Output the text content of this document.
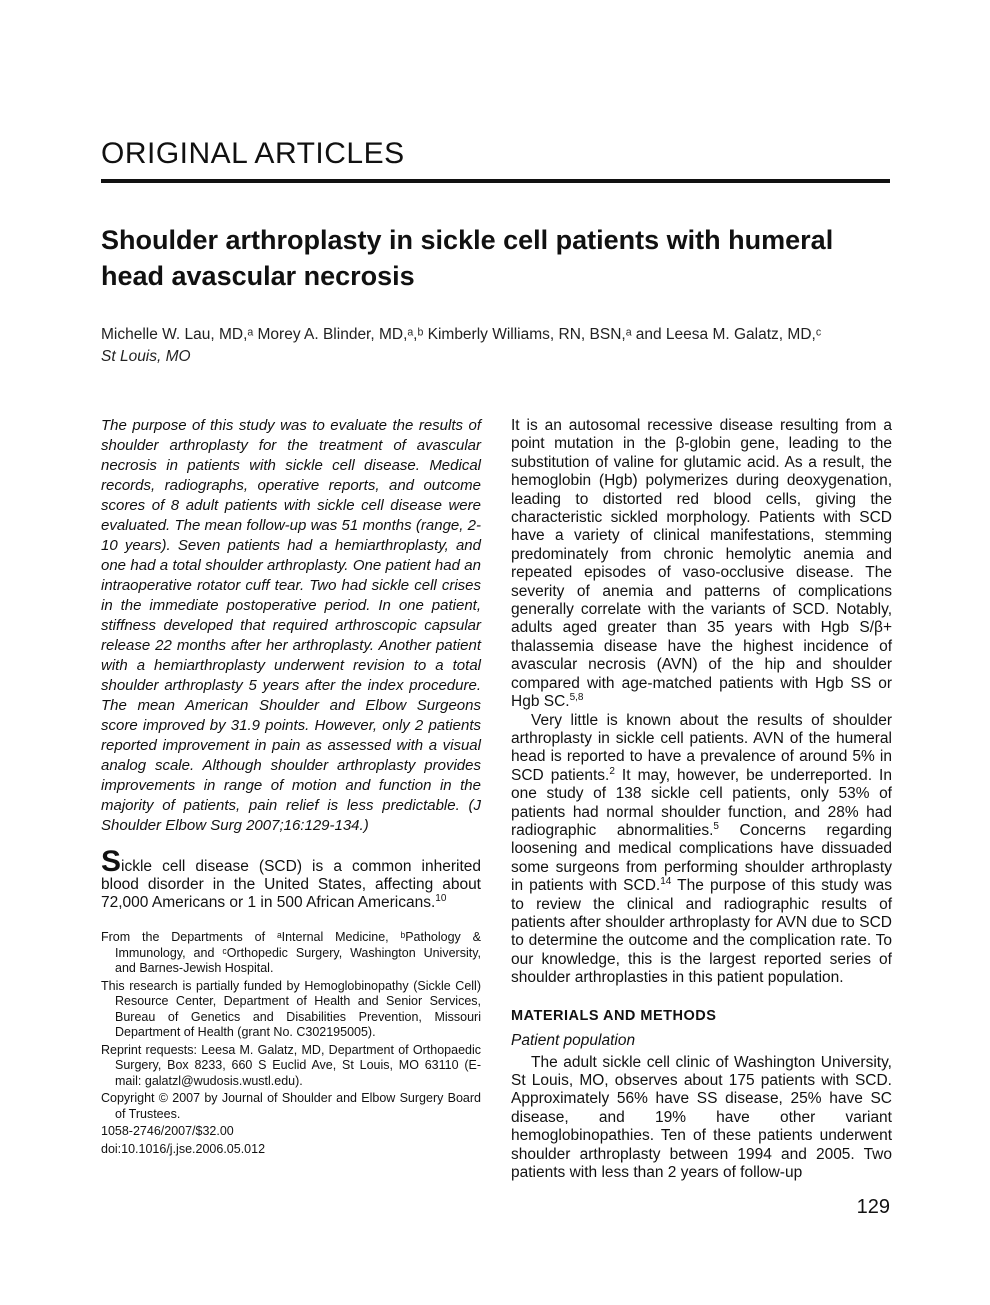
ORIGINAL ARTICLES
Shoulder arthroplasty in sickle cell patients with humeral head avascular necrosis

Michelle W. Lau, MD,ᵃ Morey A. Blinder, MD,ᵃ,ᵇ Kimberly Williams, RN, BSN,ᵃ and Leesa M. Galatz, MD,ᶜ
St Louis, MO

The purpose of this study was to evaluate the results of shoulder arthroplasty for the treatment of avascular necrosis in patients with sickle cell disease. Medical records, radiographs, operative reports, and outcome scores of 8 adult patients with sickle cell disease were evaluated. The mean follow-up was 51 months (range, 2-10 years). Seven patients had a hemiarthroplasty, and one had a total shoulder arthroplasty. One patient had an intraoperative rotator cuff tear. Two had sickle cell crises in the immediate postoperative period. In one patient, stiffness developed that required arthroscopic capsular release 22 months after her arthroplasty. Another patient with a hemiarthroplasty underwent revision to a total shoulder arthroplasty 5 years after the index procedure. The mean American Shoulder and Elbow Surgeons score improved by 31.9 points. However, only 2 patients reported improvement in pain as assessed with a visual analog scale. Although shoulder arthroplasty provides improvements in range of motion and function in the majority of patients, pain relief is less predictable. (J Shoulder Elbow Surg 2007;16:129-134.)

Sickle cell disease (SCD) is a common inherited blood disorder in the United States, affecting about 72,000 Americans or 1 in 500 African Americans.$^{10}$

From the Departments of ᵃInternal Medicine, ᵇPathology & Immunology, and ᶜOrthopedic Surgery, Washington University, and Barnes-Jewish Hospital.

This research is partially funded by Hemoglobinopathy (Sickle Cell) Resource Center, Department of Health and Senior Services, Bureau of Genetics and Disabilities Prevention, Missouri Department of Health (grant No. C302195005).

Reprint requests: Leesa M. Galatz, MD, Department of Orthopaedic Surgery, Box 8233, 660 S Euclid Ave, St Louis, MO 63110 (E-mail: galatzl@wudosis.wustl.edu).

Copyright © 2007 by Journal of Shoulder and Elbow Surgery Board of Trustees.

1058-2746/2007/$32.00

doi:10.1016/j.jse.2006.05.012

It is an autosomal recessive disease resulting from a point mutation in the β-globin gene, leading to the substitution of valine for glutamic acid. As a result, the hemoglobin (Hgb) polymerizes during deoxygenation, leading to distorted red blood cells, giving the characteristic sickled morphology. Patients with SCD have a variety of clinical manifestations, stemming predominately from chronic hemolytic anemia and repeated episodes of vaso-occlusive disease. The severity of anemia and patterns of complications generally correlate with the variants of SCD. Notably, adults aged greater than 35 years with Hgb S/β+ thalassemia disease have the highest incidence of avascular necrosis (AVN) of the hip and shoulder compared with age-matched patients with Hgb SS or Hgb SC.$^{5,8}$

Very little is known about the results of shoulder arthroplasty in sickle cell patients. AVN of the humeral head is reported to have a prevalence of around 5% in SCD patients.$^2$ It may, however, be underreported. In one study of 138 sickle cell patients, only 53% of patients had normal shoulder function, and 28% had radiographic abnormalities.$^5$ Concerns regarding loosening and medical complications have dissuaded some surgeons from performing shoulder arthroplasty in patients with SCD.$^{14}$ The purpose of this study was to review the clinical and radiographic results of patients after shoulder arthroplasty for AVN due to SCD to determine the outcome and the complication rate. To our knowledge, this is the largest reported series of shoulder arthroplasties in this patient population.

MATERIALS AND METHODS
Patient population

The adult sickle cell clinic of Washington University, St Louis, MO, observes about 175 patients with SCD. Approximately 56% have SS disease, 25% have SC disease, and 19% have other variant hemoglobinopathies. Ten of these patients underwent shoulder arthroplasty between 1994 and 2005. Two patients with less than 2 years of follow-up

129
